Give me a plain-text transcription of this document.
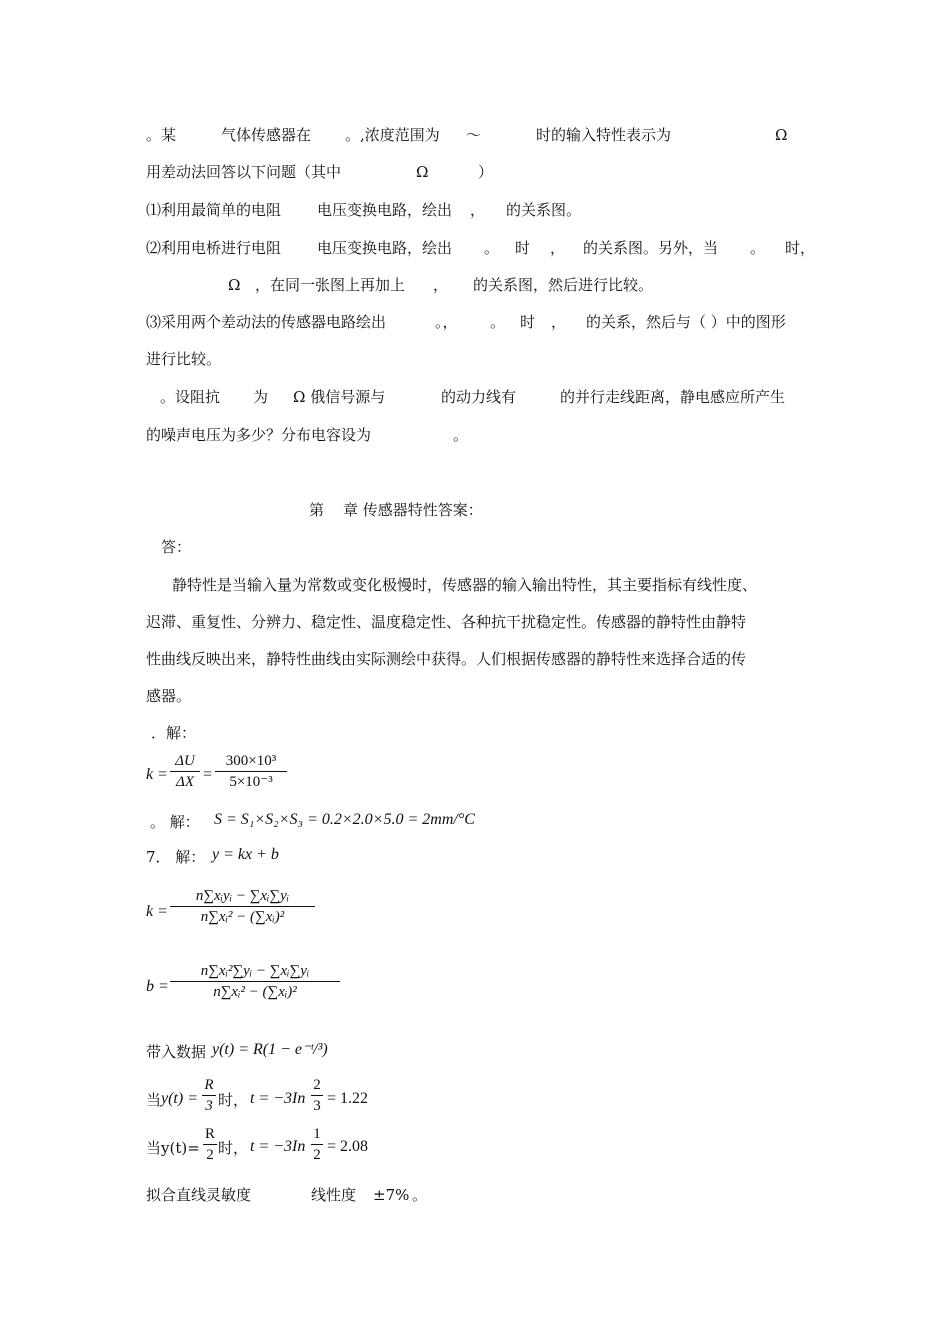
。某	气体传感器在 。,浓度范围为 ～	时的输入特性表示为	Ω
用差动法回答以下问题（其中	Ω	）
⑴利用最简单的电阻 电压变换电路，绘出 ， 的关系图。
⑵利用电桥进行电阻 电压变换电路，绘出 。 时 ， 的关系图。另外，当 。 时，
Ω ，在同一张图上再加上 ， 的关系图，然后进行比较。
⑶采用两个差动法的传感器电路绘出	。， 。 时 ， 的关系，然后与（ ）中的图形
进行比较。
。设阻抗 为 Ω 俄信号源与	的动力线有	的并行走线距离，静电感应所产生
的噪声电压为多少？分布电容设为	。
第 章 传感器特性答案：
答：
静特性是当输入量为常数或变化极慢时，传感器的输入输出特性，其主要指标有线性度、
迟滞、重复性、分辨力、稳定性、温度稳定性、各种抗干扰稳定性。传感器的静特性由静特
性曲线反映出来，静特性曲线由实际测绘中获得。人们根据传感器的静特性来选择合适的传
感器。
．解：
k =
ΔU
ΔX =
300×10³
5×10⁻³
。 解： S = S₁×S₂×S₃ = 0.2×2.0×5.0 = 2mm/°C
7． 解： y = kx + b
k =
n∑xᵢyᵢ − ∑xᵢ∑yᵢ
n∑xᵢ² − (∑xᵢ)²
b =
n∑xᵢ²∑yᵢ − ∑xᵢ∑yᵢ
n∑xᵢ² − (∑xᵢ)²
带入数据 y(t) = R(1 − e⁻ᵗ/³)
当 y(t) =
R
3 时， t = −3In
2
3 = 1.22
当y(t)=
R
2 时， t = −3In
1
2 = 2.08
拟合直线灵敏度	线性度 ±7% 。
